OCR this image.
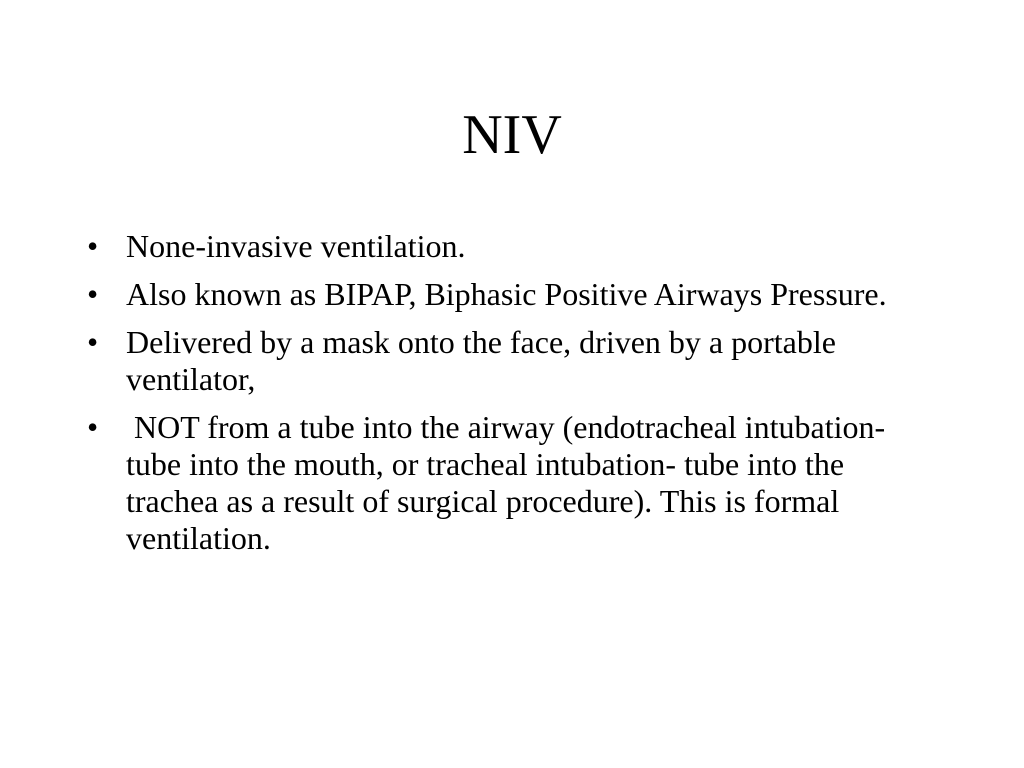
NIV
• None-invasive ventilation.
• Also known as BIPAP, Biphasic Positive Airways Pressure.
• Delivered by a mask onto the face, driven by a portable ventilator,
• NOT from a tube into the airway (endotracheal intubation- tube into the mouth, or tracheal intubation- tube into the trachea as a result of surgical procedure). This is formal ventilation.
